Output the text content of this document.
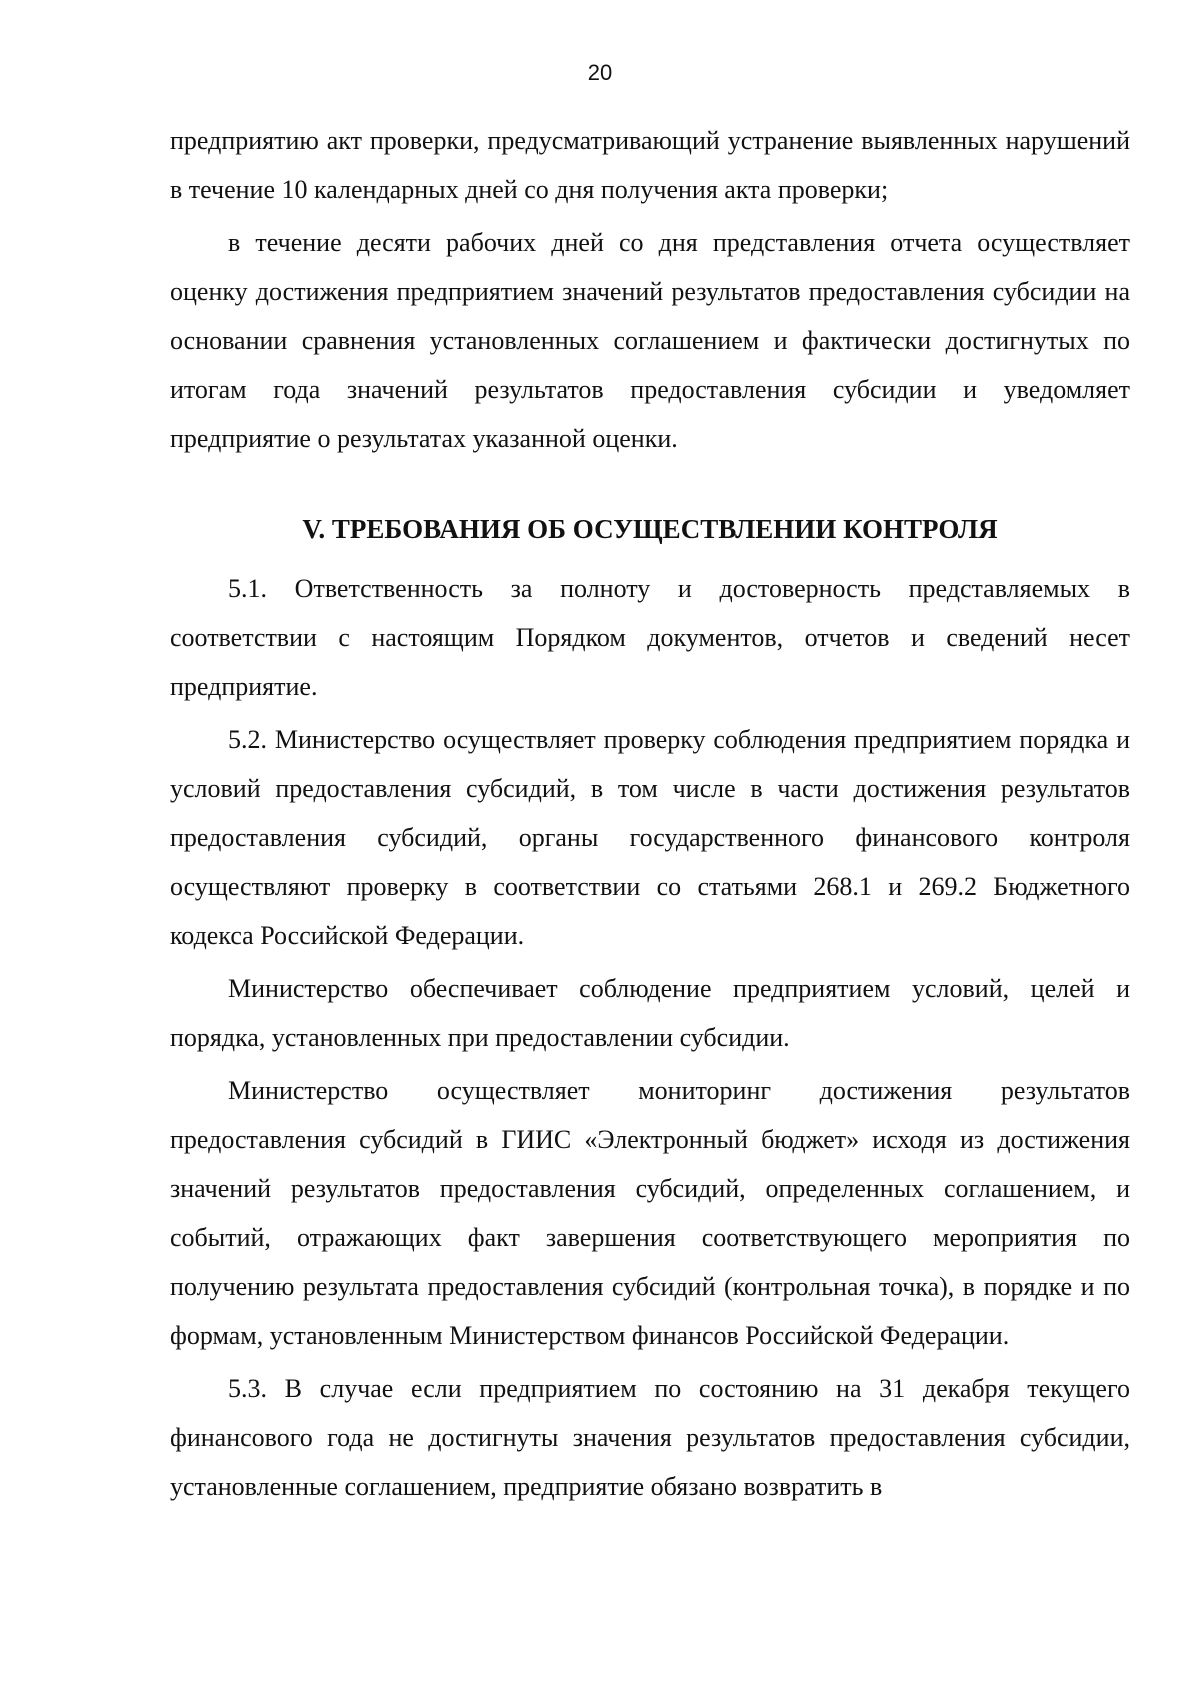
20

предприятию акт проверки, предусматривающий устранение выявленных нарушений в течение 10 календарных дней со дня получения акта проверки;

в течение десяти рабочих дней со дня представления отчета осуществляет оценку достижения предприятием значений результатов предоставления субсидии на основании сравнения установленных соглашением и фактически достигнутых по итогам года значений результатов предоставления субсидии и уведомляет предприятие о результатах указанной оценки.

V. ТРЕБОВАНИЯ ОБ ОСУЩЕСТВЛЕНИИ КОНТРОЛЯ

5.1. Ответственность за полноту и достоверность представляемых в соответствии с настоящим Порядком документов, отчетов и сведений несет предприятие.

5.2. Министерство осуществляет проверку соблюдения предприятием порядка и условий предоставления субсидий, в том числе в части достижения результатов предоставления субсидий, органы государственного финансового контроля осуществляют проверку в соответствии со статьями 268.1 и 269.2 Бюджетного кодекса Российской Федерации.

Министерство обеспечивает соблюдение предприятием условий, целей и порядка, установленных при предоставлении субсидии.

Министерство осуществляет мониторинг достижения результатов предоставления субсидий в ГИИС «Электронный бюджет» исходя из достижения значений результатов предоставления субсидий, определенных соглашением, и событий, отражающих факт завершения соответствующего мероприятия по получению результата предоставления субсидий (контрольная точка), в порядке и по формам, установленным Министерством финансов Российской Федерации.

5.3. В случае если предприятием по состоянию на 31 декабря текущего финансового года не достигнуты значения результатов предоставления субсидии, установленные соглашением, предприятие обязано возвратить в
